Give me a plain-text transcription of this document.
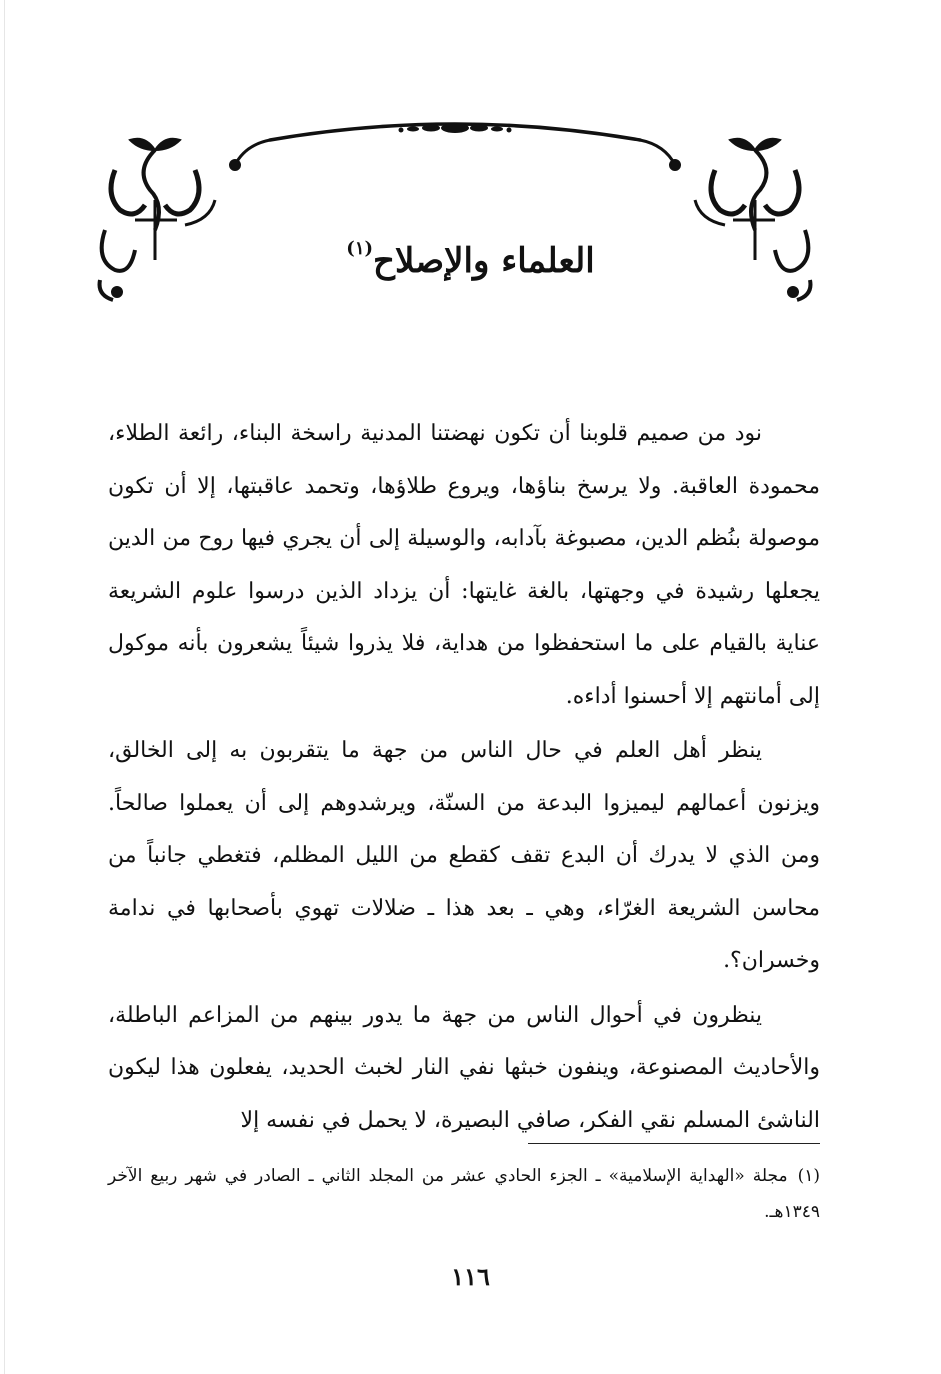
العلماء والإصلاح$^{(١)}$

نود من صميم قلوبنا أن تكون نهضتنا المدنية راسخة البناء، رائعة الطلاء، محمودة العاقبة. ولا يرسخ بناؤها، ويروع طلاؤها، وتحمد عاقبتها، إلا أن تكون موصولة بنُظم الدين، مصبوغة بآدابه، والوسيلة إلى أن يجري فيها روح من الدين يجعلها رشيدة في وجهتها، بالغة غايتها: أن يزداد الذين درسوا علوم الشريعة عناية بالقيام على ما استحفظوا من هداية، فلا يذروا شيئاً يشعرون بأنه موكول إلى أمانتهم إلا أحسنوا أداءه.

ينظر أهل العلم في حال الناس من جهة ما يتقربون به إلى الخالق، ويزنون أعمالهم ليميزوا البدعة من السنّة، ويرشدوهم إلى أن يعملوا صالحاً. ومن الذي لا يدرك أن البدع تقف كقطع من الليل المظلم، فتغطي جانباً من محاسن الشريعة الغرّاء، وهي ـ بعد هذا ـ ضلالات تهوي بأصحابها في ندامة وخسران؟.

ينظرون في أحوال الناس من جهة ما يدور بينهم من المزاعم الباطلة، والأحاديث المصنوعة، وينفون خبثها نفي النار لخبث الحديد، يفعلون هذا ليكون الناشئ المسلم نقي الفكر، صافي البصيرة، لا يحمل في نفسه إلا

(١)مجلة «الهداية الإسلامية» ـ الجزء الحادي عشر من المجلد الثاني ـ الصادر في شهر ربيع الآخر ١٣٤٩هـ.
١١٦
